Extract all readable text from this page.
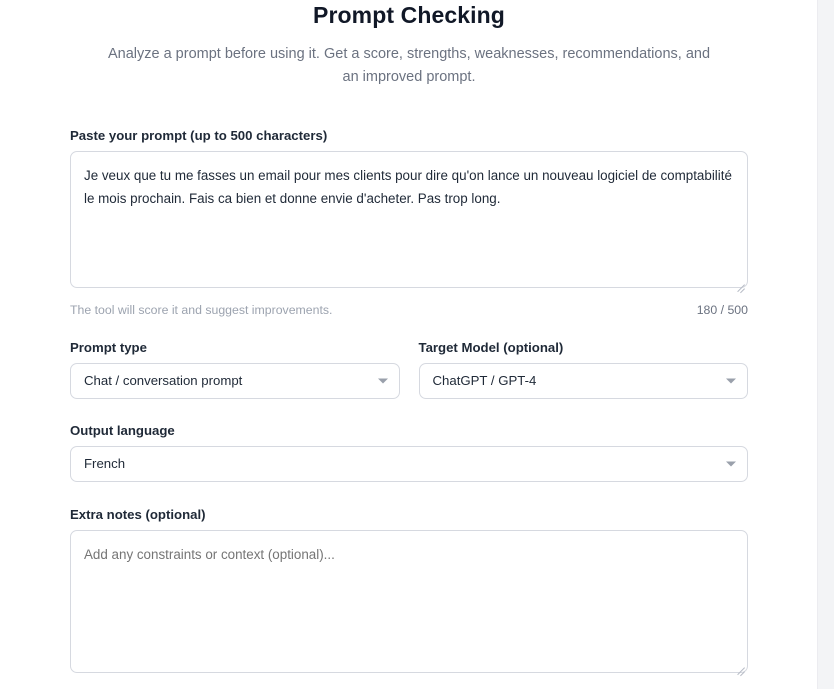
Prompt Checking

Analyze a prompt before using it. Get a score, strengths, weaknesses, recommendations, and an improved prompt.

Paste your prompt (up to 500 characters)
Je veux que tu me fasses un email pour mes clients pour dire qu'on lance un nouveau logiciel de comptabilité le mois prochain. Fais ca bien et donne envie d'acheter. Pas trop long.
The tool will score it and suggest improvements.	180 / 500
Prompt type
Chat / conversation prompt
Target Model (optional)
ChatGPT / GPT-4
Output language
French
Extra notes (optional)
Add any constraints or context (optional)...
